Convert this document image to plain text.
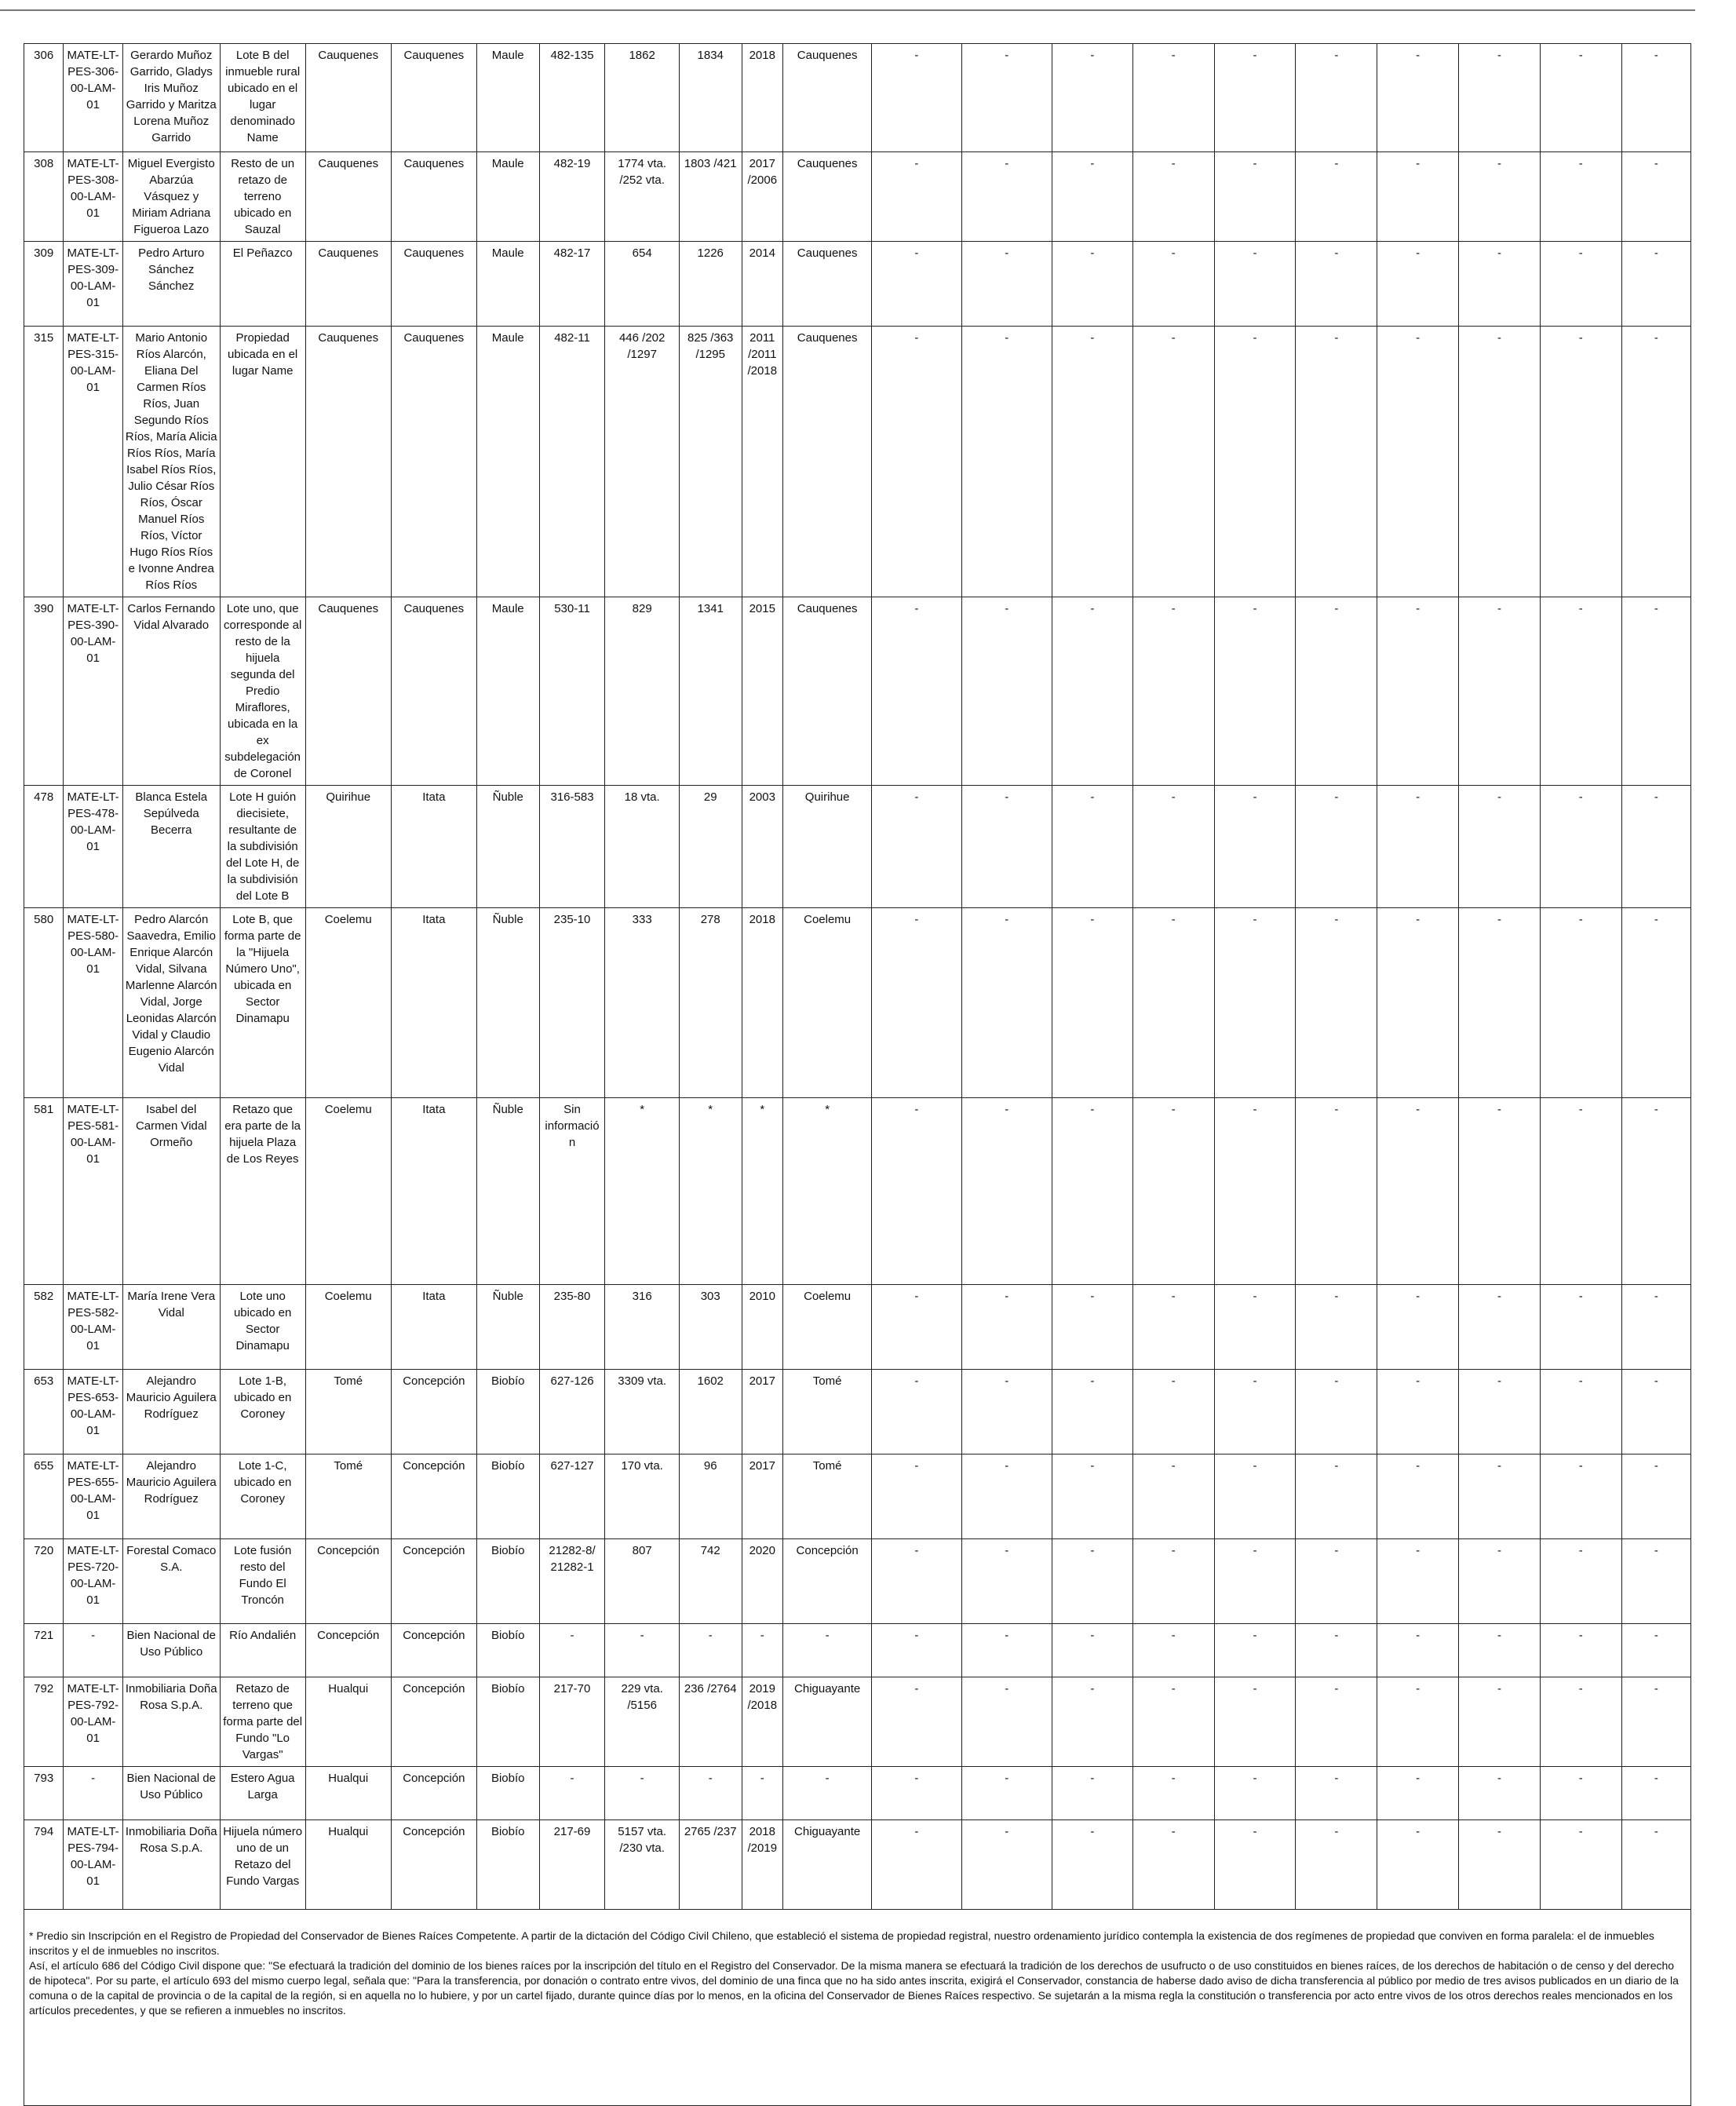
306	MATE-LT-PES-306-00-LAM-01	Gerardo Muñoz Garrido, Gladys Iris Muñoz Garrido y Maritza Lorena Muñoz Garrido	Lote B del inmueble rural ubicado en el lugar denominado Name	Cauquenes	Cauquenes	Maule	482-135	1862	1834	2018	Cauquenes	-	-	-	-	-	-	-	-	-	-
308	MATE-LT-PES-308-00-LAM-01	Miguel Evergisto Abarzúa Vásquez y Miriam Adriana Figueroa Lazo	Resto de un retazo de terreno ubicado en Sauzal	Cauquenes	Cauquenes	Maule	482-19	1774 vta. /252 vta.	1803 /421	2017 /2006	Cauquenes	-	-	-	-	-	-	-	-	-	-
309	MATE-LT-PES-309-00-LAM-01	Pedro Arturo Sánchez Sánchez	El Peñazco	Cauquenes	Cauquenes	Maule	482-17	654	1226	2014	Cauquenes	-	-	-	-	-	-	-	-	-	-
315	MATE-LT-PES-315-00-LAM-01	Mario Antonio Ríos Alarcón, Eliana Del Carmen Ríos Ríos, Juan Segundo Ríos Ríos, María Alicia Ríos Ríos, María Isabel Ríos Ríos, Julio César Ríos Ríos, Óscar Manuel Ríos Ríos, Víctor Hugo Ríos Ríos e Ivonne Andrea Ríos Ríos	Propiedad ubicada en el lugar Name	Cauquenes	Cauquenes	Maule	482-11	446 /202 /1297	825 /363 /1295	2011 /2011 /2018	Cauquenes	-	-	-	-	-	-	-	-	-	-
390	MATE-LT-PES-390-00-LAM-01	Carlos Fernando Vidal Alvarado	Lote uno, que corresponde al resto de la hijuela segunda del Predio Miraflores, ubicada en la ex subdelegación de Coronel	Cauquenes	Cauquenes	Maule	530-11	829	1341	2015	Cauquenes	-	-	-	-	-	-	-	-	-	-
478	MATE-LT-PES-478-00-LAM-01	Blanca Estela Sepúlveda Becerra	Lote H guión diecisiete, resultante de la subdivisión del Lote H, de la subdivisión del Lote B	Quirihue	Itata	Ñuble	316-583	18 vta.	29	2003	Quirihue	-	-	-	-	-	-	-	-	-	-
580	MATE-LT-PES-580-00-LAM-01	Pedro Alarcón Saavedra, Emilio Enrique Alarcón Vidal, Silvana Marlenne Alarcón Vidal, Jorge Leonidas Alarcón Vidal y Claudio Eugenio Alarcón Vidal	Lote B, que forma parte de la "Hijuela Número Uno", ubicada en Sector Dinamapu	Coelemu	Itata	Ñuble	235-10	333	278	2018	Coelemu	-	-	-	-	-	-	-	-	-	-
581	MATE-LT-PES-581-00-LAM-01	Isabel del Carmen Vidal Ormeño	Retazo que era parte de la hijuela Plaza de Los Reyes	Coelemu	Itata	Ñuble	Sin información	*	*	*	*	-	-	-	-	-	-	-	-	-	-
582	MATE-LT-PES-582-00-LAM-01	María Irene Vera Vidal	Lote uno ubicado en Sector Dinamapu	Coelemu	Itata	Ñuble	235-80	316	303	2010	Coelemu	-	-	-	-	-	-	-	-	-	-
653	MATE-LT-PES-653-00-LAM-01	Alejandro Mauricio Aguilera Rodríguez	Lote 1-B, ubicado en Coroney	Tomé	Concepción	Biobío	627-126	3309 vta.	1602	2017	Tomé	-	-	-	-	-	-	-	-	-	-
655	MATE-LT-PES-655-00-LAM-01	Alejandro Mauricio Aguilera Rodríguez	Lote 1-C, ubicado en Coroney	Tomé	Concepción	Biobío	627-127	170 vta.	96	2017	Tomé	-	-	-	-	-	-	-	-	-	-
720	MATE-LT-PES-720-00-LAM-01	Forestal Comaco S.A.	Lote fusión resto del Fundo El Troncón	Concepción	Concepción	Biobío	21282-8/ 21282-1	807	742	2020	Concepción	-	-	-	-	-	-	-	-	-	-
721	-	Bien Nacional de Uso Público	Río Andalién	Concepción	Concepción	Biobío	-	-	-	-	-	-	-	-	-	-	-	-	-	-	-
792	MATE-LT-PES-792-00-LAM-01	Inmobiliaria Doña Rosa S.p.A.	Retazo de terreno que forma parte del Fundo "Lo Vargas"	Hualqui	Concepción	Biobío	217-70	229 vta. /5156	236 /2764	2019 /2018	Chiguayante	-	-	-	-	-	-	-	-	-	-
793	-	Bien Nacional de Uso Público	Estero Agua Larga	Hualqui	Concepción	Biobío	-	-	-	-	-	-	-	-	-	-	-	-	-	-	-
794	MATE-LT-PES-794-00-LAM-01	Inmobiliaria Doña Rosa S.p.A.	Hijuela número uno de un Retazo del Fundo Vargas	Hualqui	Concepción	Biobío	217-69	5157 vta. /230 vta.	2765 /237	2018 /2019	Chiguayante	-	-	-	-	-	-	-	-	-	-

* Predio sin Inscripción en el Registro de Propiedad del Conservador de Bienes Raíces Competente. A partir de la dictación del Código Civil Chileno, que estableció el sistema de propiedad registral, nuestro ordenamiento jurídico contempla la existencia de dos regímenes de propiedad que conviven en forma paralela: el de inmuebles inscritos y el de inmuebles no inscritos.

Así, el artículo 686 del Código Civil dispone que: "Se efectuará la tradición del dominio de los bienes raíces por la inscripción del título en el Registro del Conservador. De la misma manera se efectuará la tradición de los derechos de usufructo o de uso constituidos en bienes raíces, de los derechos de habitación o de censo y del derecho de hipoteca". Por su parte, el artículo 693 del mismo cuerpo legal, señala que: "Para la transferencia, por donación o contrato entre vivos, del dominio de una finca que no ha sido antes inscrita, exigirá el Conservador, constancia de haberse dado aviso de dicha transferencia al público por medio de tres avisos publicados en un diario de la comuna o de la capital de provincia o de la capital de la región, si en aquella no lo hubiere, y por un cartel fijado, durante quince días por lo menos, en la oficina del Conservador de Bienes Raíces respectivo. Se sujetarán a la misma regla la constitución o transferencia por acto entre vivos de los otros derechos reales mencionados en los artículos precedentes, y que se refieren a inmuebles no inscritos.
